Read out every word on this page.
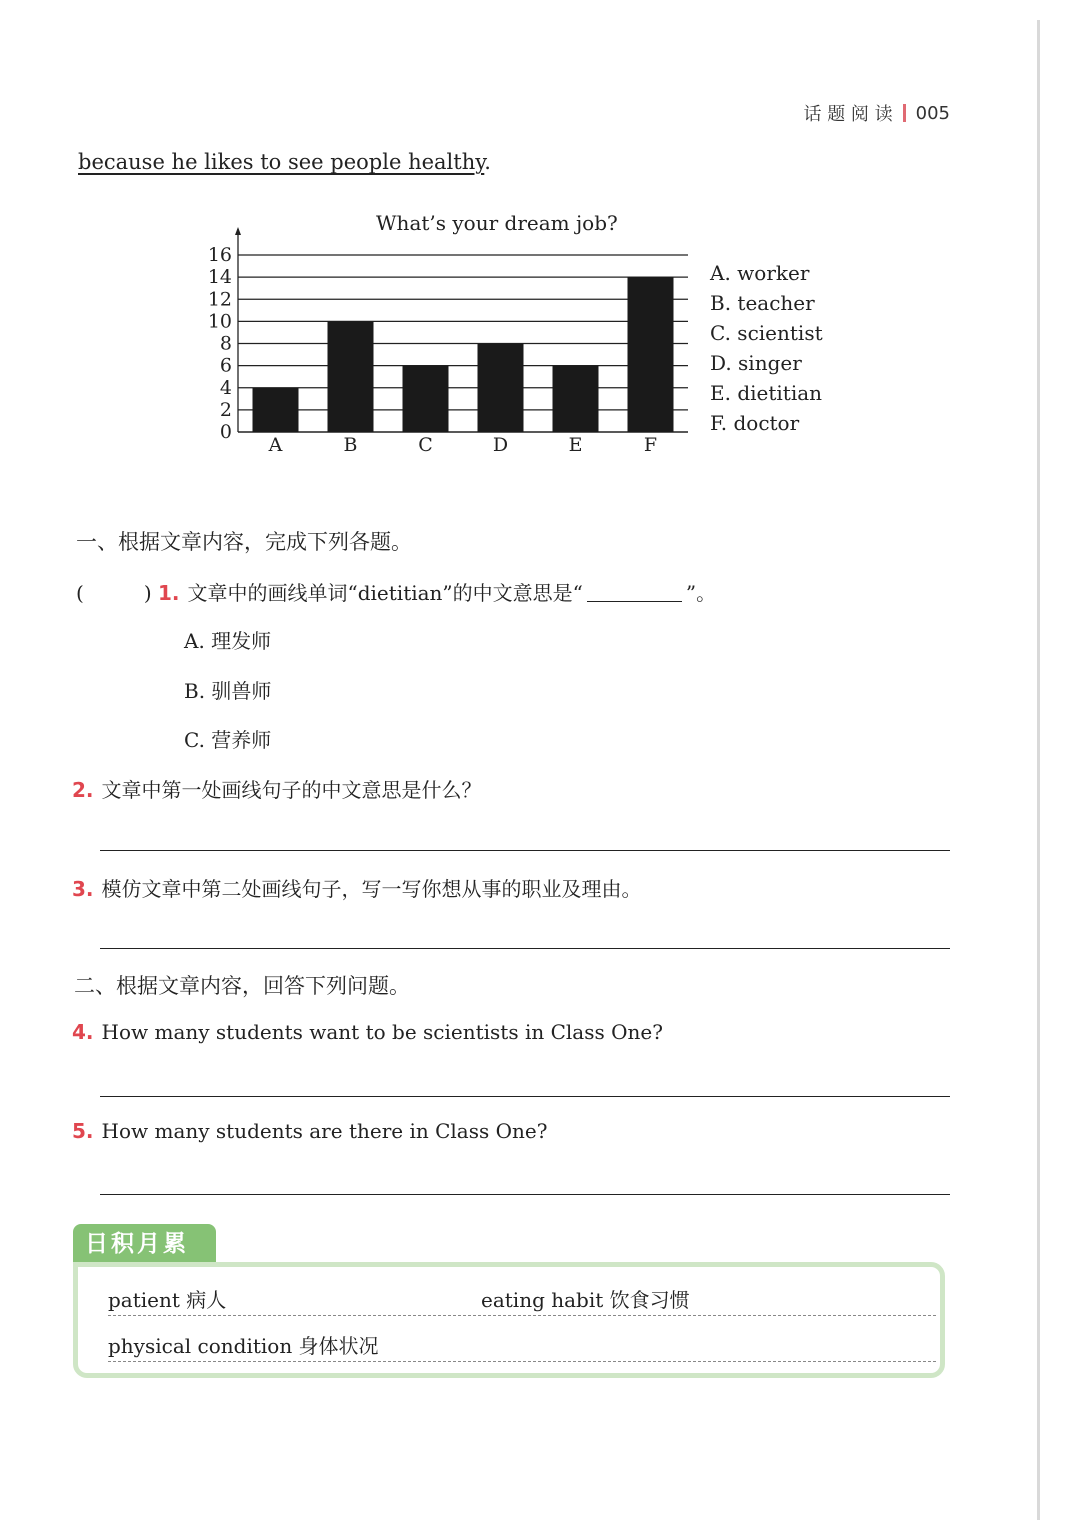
话 题 阅 读 005
because he likes to see people healthy.
What’s your dream job?
0
2
4
6
8
10
12
14
16
A	B	C	D	E	F
A. worker
B. teacher
C. scientist
D. singer
E. dietitian
F. doctor
一、根据文章内容，完成下列各题。
(	) 1. 文章中的画线单词“dietitian”的中文意思是“	”。
A. 理发师
B. 驯兽师
C. 营养师
2. 文章中第一处画线句子的中文意思是什么？
3. 模仿文章中第二处画线句子，写一写你想从事的职业及理由。
二、根据文章内容，回答下列问题。
4. How many students want to be scientists in Class One?
5. How many students are there in Class One?
日积月累
patient 病人	eating habit 饮食习惯
physical condition 身体状况
